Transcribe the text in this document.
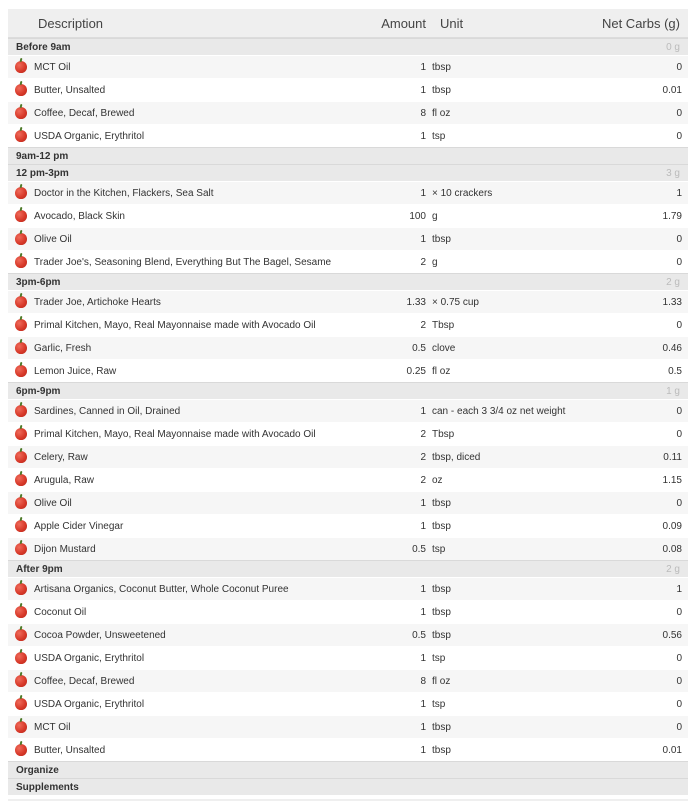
Description	Amount	Unit	Net Carbs (g)
Before 9am	0 g
MCT Oil	1 tbsp	0
Butter, Unsalted	1 tbsp	0.01
Coffee, Decaf, Brewed	8 fl oz	0
USDA Organic, Erythritol	1 tsp	0
9am-12 pm
12 pm-3pm	3 g
Doctor in the Kitchen, Flackers, Sea Salt	1 × 10 crackers	1
Avocado, Black Skin	100 g	1.79
Olive Oil	1 tbsp	0
Trader Joe's, Seasoning Blend, Everything But The Bagel, Sesame	2 g	0
3pm-6pm	2 g
Trader Joe, Artichoke Hearts	1.33 × 0.75 cup	1.33
Primal Kitchen, Mayo, Real Mayonnaise made with Avocado Oil	2 Tbsp	0
Garlic, Fresh	0.5 clove	0.46
Lemon Juice, Raw	0.25 fl oz	0.5
6pm-9pm	1 g
Sardines, Canned in Oil, Drained	1 can - each 3 3/4 oz net weight	0
Primal Kitchen, Mayo, Real Mayonnaise made with Avocado Oil	2 Tbsp	0
Celery, Raw	2 tbsp, diced	0.11
Arugula, Raw	2 oz	1.15
Olive Oil	1 tbsp	0
Apple Cider Vinegar	1 tbsp	0.09
Dijon Mustard	0.5 tsp	0.08
After 9pm	2 g
Artisana Organics, Coconut Butter, Whole Coconut Puree	1 tbsp	1
Coconut Oil	1 tbsp	0
Cocoa Powder, Unsweetened	0.5 tbsp	0.56
USDA Organic, Erythritol	1 tsp	0
Coffee, Decaf, Brewed	8 fl oz	0
USDA Organic, Erythritol	1 tsp	0
MCT Oil	1 tbsp	0
Butter, Unsalted	1 tbsp	0.01
Organize
Supplements
